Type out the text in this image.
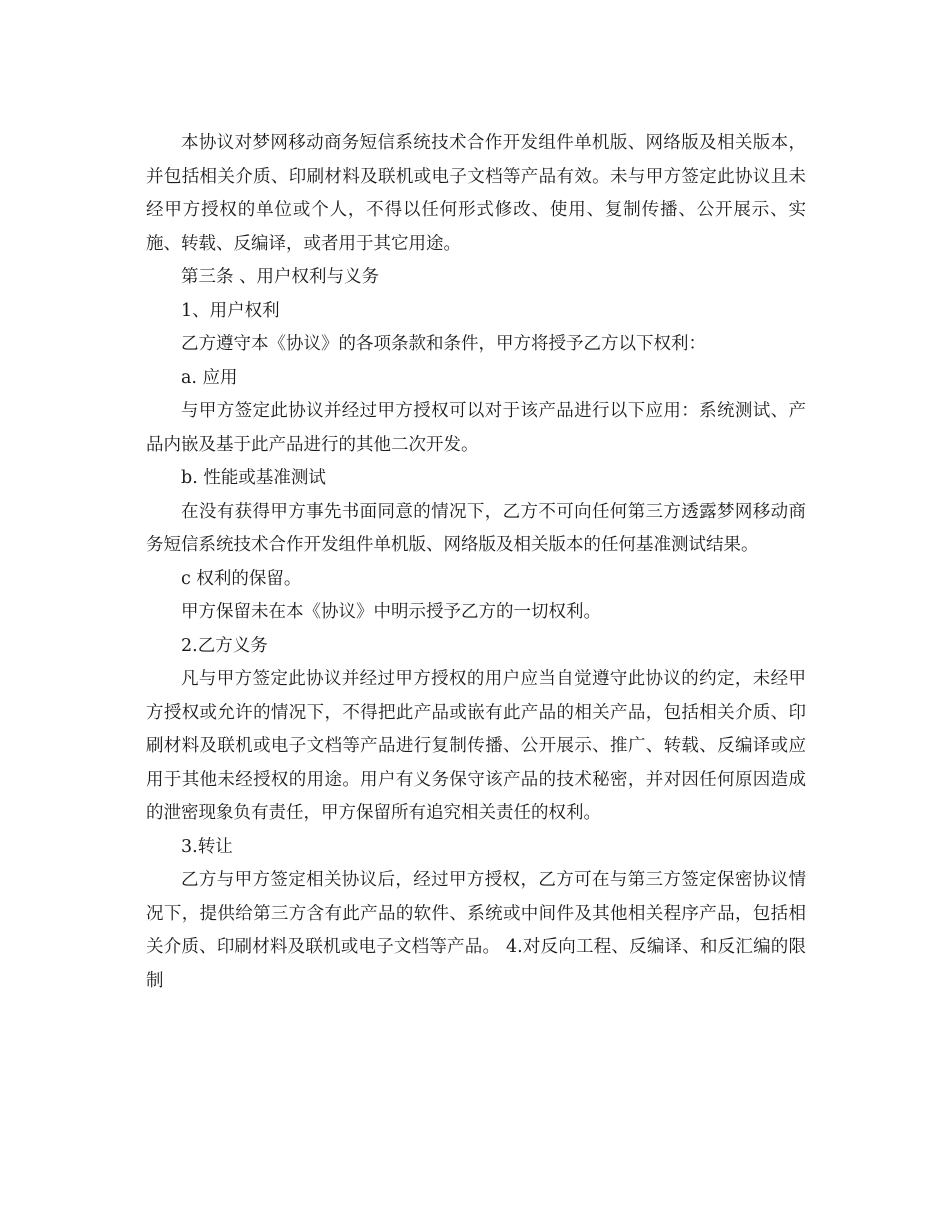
本协议对梦网移动商务短信系统技术合作开发组件单机版、网络版及相关版本，并包括相关介质、印刷材料及联机或电子文档等产品有效。未与甲方签定此协议且未经甲方授权的单位或个人，不得以任何形式修改、使用、复制传播、公开展示、实施、转载、反编译，或者用于其它用途。

第三条 、用户权利与义务

1、用户权利

乙方遵守本《协议》的各项条款和条件，甲方将授予乙方以下权利：

a. 应用

与甲方签定此协议并经过甲方授权可以对于该产品进行以下应用：系统测试、产品内嵌及基于此产品进行的其他二次开发。

b. 性能或基准测试

在没有获得甲方事先书面同意的情况下，乙方不可向任何第三方透露梦网移动商务短信系统技术合作开发组件单机版、网络版及相关版本的任何基准测试结果。

c 权利的保留。

甲方保留未在本《协议》中明示授予乙方的一切权利。

2.乙方义务

凡与甲方签定此协议并经过甲方授权的用户应当自觉遵守此协议的约定，未经甲方授权或允许的情况下，不得把此产品或嵌有此产品的相关产品，包括相关介质、印刷材料及联机或电子文档等产品进行复制传播、公开展示、推广、转载、反编译或应用于其他未经授权的用途。用户有义务保守该产品的技术秘密，并对因任何原因造成的泄密现象负有责任，甲方保留所有追究相关责任的权利。

3.转让

乙方与甲方签定相关协议后，经过甲方授权，乙方可在与第三方签定保密协议情况下，提供给第三方含有此产品的软件、系统或中间件及其他相关程序产品，包括相关介质、印刷材料及联机或电子文档等产品。 4.对反向工程、反编译、和反汇编的限制
